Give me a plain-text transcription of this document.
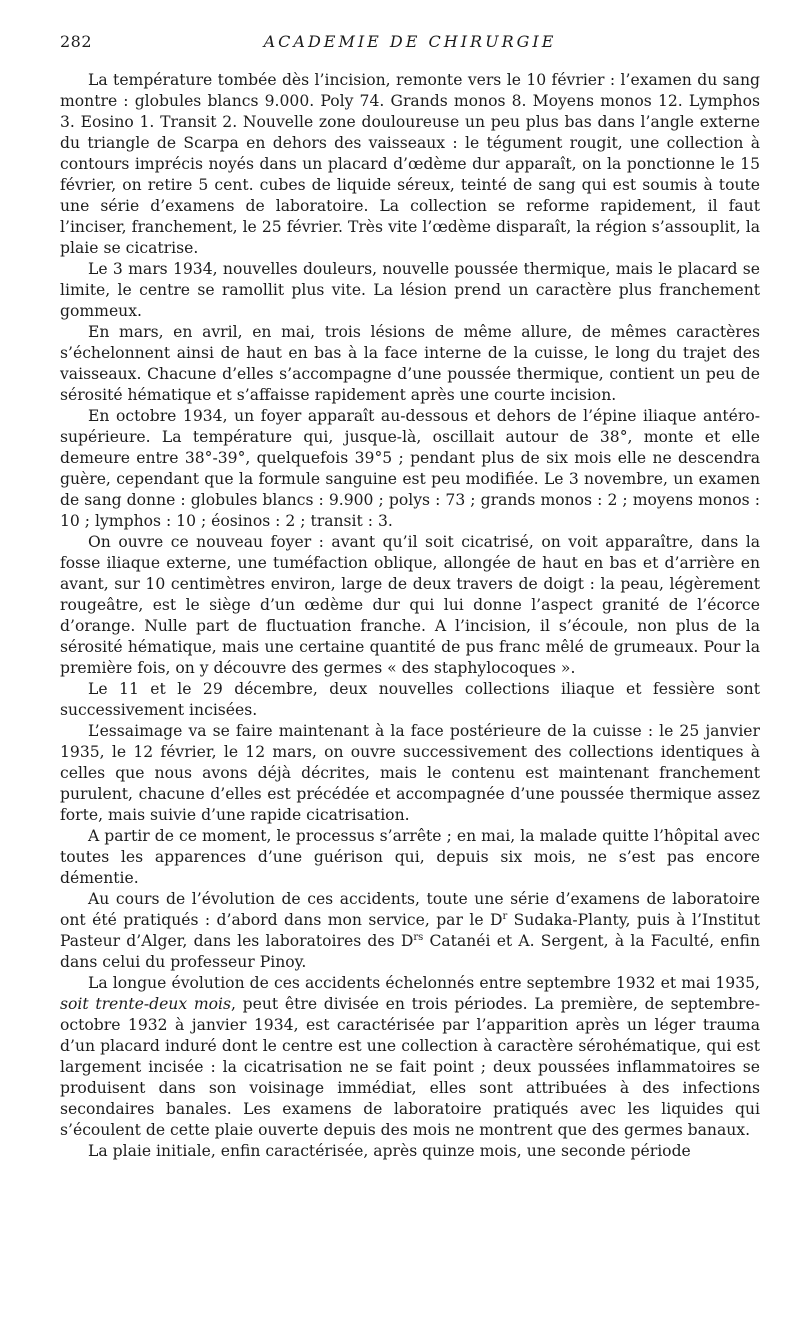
282	ACADEMIE DE CHIRURGIE

La température tombée dès l’incision, remonte vers le 10 février : l’examen du sang montre : globules blancs 9.000. Poly 74. Grands monos 8. Moyens monos 12. Lymphos 3. Eosino 1. Transit 2. Nouvelle zone douloureuse un peu plus bas dans l’angle externe du triangle de Scarpa en dehors des vaisseaux : le tégument rougit, une collection à contours imprécis noyés dans un placard d’œdème dur apparaît, on la ponctionne le 15 février, on retire 5 cent. cubes de liquide séreux, teinté de sang qui est soumis à toute une série d’examens de laboratoire. La collection se reforme rapidement, il faut l’inciser, franchement, le 25 février. Très vite l’œdème disparaît, la région s’assouplit, la plaie se cicatrise.

Le 3 mars 1934, nouvelles douleurs, nouvelle poussée thermique, mais le placard se limite, le centre se ramollit plus vite. La lésion prend un caractère plus franchement gommeux.

En mars, en avril, en mai, trois lésions de même allure, de mêmes caractères s’échelonnent ainsi de haut en bas à la face interne de la cuisse, le long du trajet des vaisseaux. Chacune d’elles s’accompagne d’une poussée thermique, contient un peu de sérosité hématique et s’affaisse rapidement après une courte incision.

En octobre 1934, un foyer apparaît au-dessous et dehors de l’épine iliaque antéro-supérieure. La température qui, jusque-là, oscillait autour de 38°, monte et elle demeure entre 38°-39°, quelquefois 39°5 ; pendant plus de six mois elle ne descendra guère, cependant que la formule sanguine est peu modifiée. Le 3 novembre, un examen de sang donne : globules blancs : 9.900 ; polys : 73 ; grands monos : 2 ; moyens monos : 10 ; lymphos : 10 ; éosinos : 2 ; transit : 3.

On ouvre ce nouveau foyer : avant qu’il soit cicatrisé, on voit apparaître, dans la fosse iliaque externe, une tuméfaction oblique, allongée de haut en bas et d’arrière en avant, sur 10 centimètres environ, large de deux travers de doigt : la peau, légèrement rougeâtre, est le siège d’un œdème dur qui lui donne l’aspect granité de l’écorce d’orange. Nulle part de fluctuation franche. A l’incision, il s’écoule, non plus de la sérosité hématique, mais une certaine quantité de pus franc mêlé de grumeaux. Pour la première fois, on y découvre des germes « des staphylocoques ».

Le 11 et le 29 décembre, deux nouvelles collections iliaque et fessière sont successivement incisées.

L’essaimage va se faire maintenant à la face postérieure de la cuisse : le 25 janvier 1935, le 12 février, le 12 mars, on ouvre successivement des collections identiques à celles que nous avons déjà décrites, mais le contenu est maintenant franchement purulent, chacune d’elles est précédée et accompagnée d’une poussée thermique assez forte, mais suivie d’une rapide cicatrisation.

A partir de ce moment, le processus s’arrête ; en mai, la malade quitte l’hôpital avec toutes les apparences d’une guérison qui, depuis six mois, ne s’est pas encore démentie.

Au cours de l’évolution de ces accidents, toute une série d’examens de laboratoire ont été pratiqués : d’abord dans mon service, par le $D^r$ Sudaka-Planty, puis à l’Institut Pasteur d’Alger, dans les laboratoires des $D^{rs}$ Catanéi et A. Sergent, à la Faculté, enfin dans celui du professeur Pinoy.

La longue évolution de ces accidents échelonnés entre septembre 1932 et mai 1935, soit trente-deux mois, peut être divisée en trois périodes. La première, de septembre-octobre 1932 à janvier 1934, est caractérisée par l’apparition après un léger trauma d’un placard induré dont le centre est une collection à caractère sérohématique, qui est largement incisée : la cicatrisation ne se fait point ; deux poussées inflammatoires se produisent dans son voisinage immédiat, elles sont attribuées à des infections secondaires banales. Les examens de laboratoire pratiqués avec les liquides qui s’écoulent de cette plaie ouverte depuis des mois ne montrent que des germes banaux.

La plaie initiale, enfin caractérisée, après quinze mois, une seconde période
